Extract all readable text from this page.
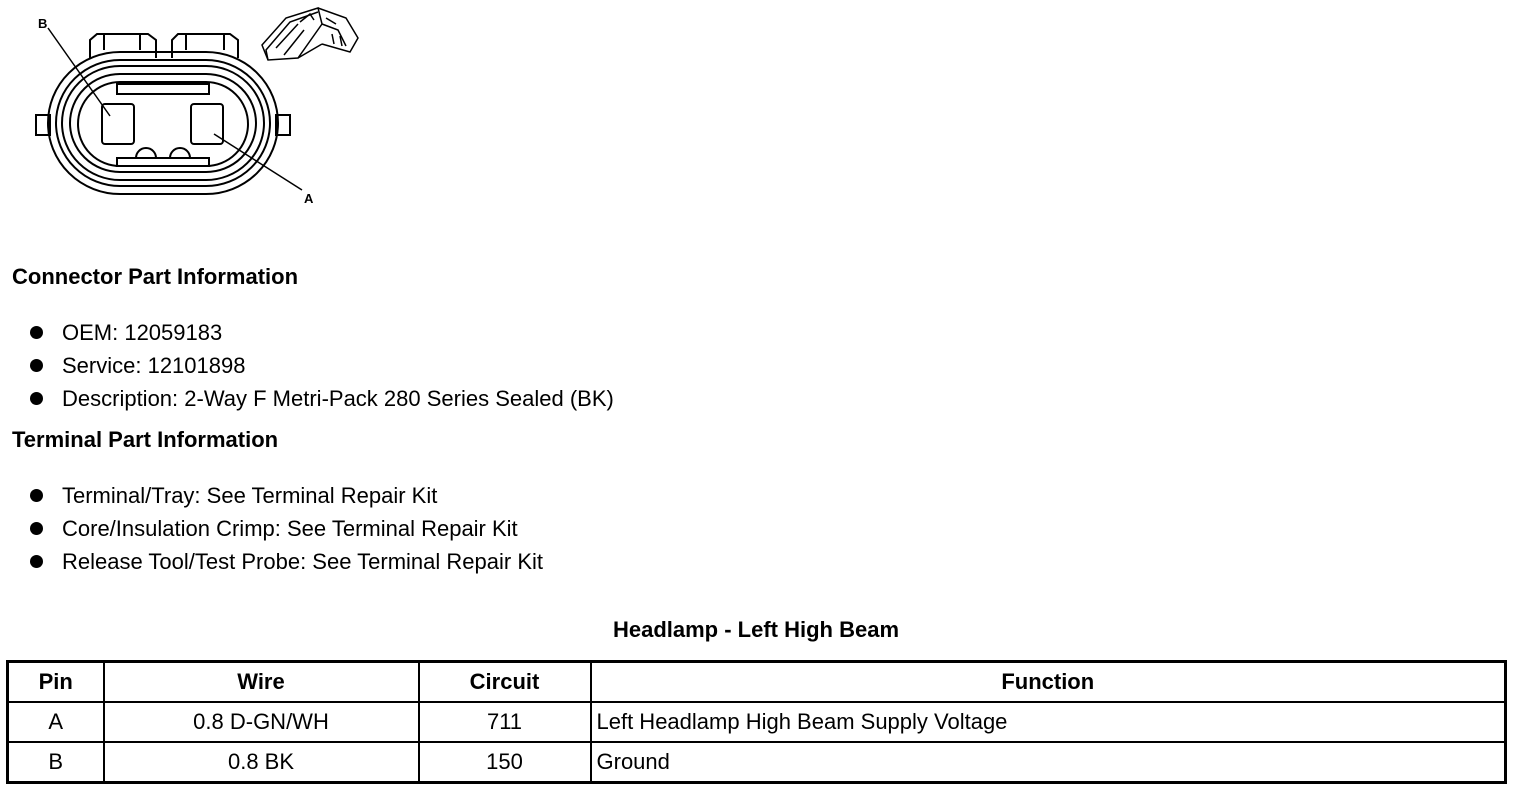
B
A
Connector Part Information
OEM: 12059183
Service: 12101898
Description: 2-Way F Metri-Pack 280 Series Sealed (BK)
Terminal Part Information
Terminal/Tray: See Terminal Repair Kit
Core/Insulation Crimp: See Terminal Repair Kit
Release Tool/Test Probe: See Terminal Repair Kit
Headlamp - Left High Beam
Pin	Wire	Circuit	Function
A	0.8 D-GN/WH	711	Left Headlamp High Beam Supply Voltage
B	0.8 BK	150	Ground
